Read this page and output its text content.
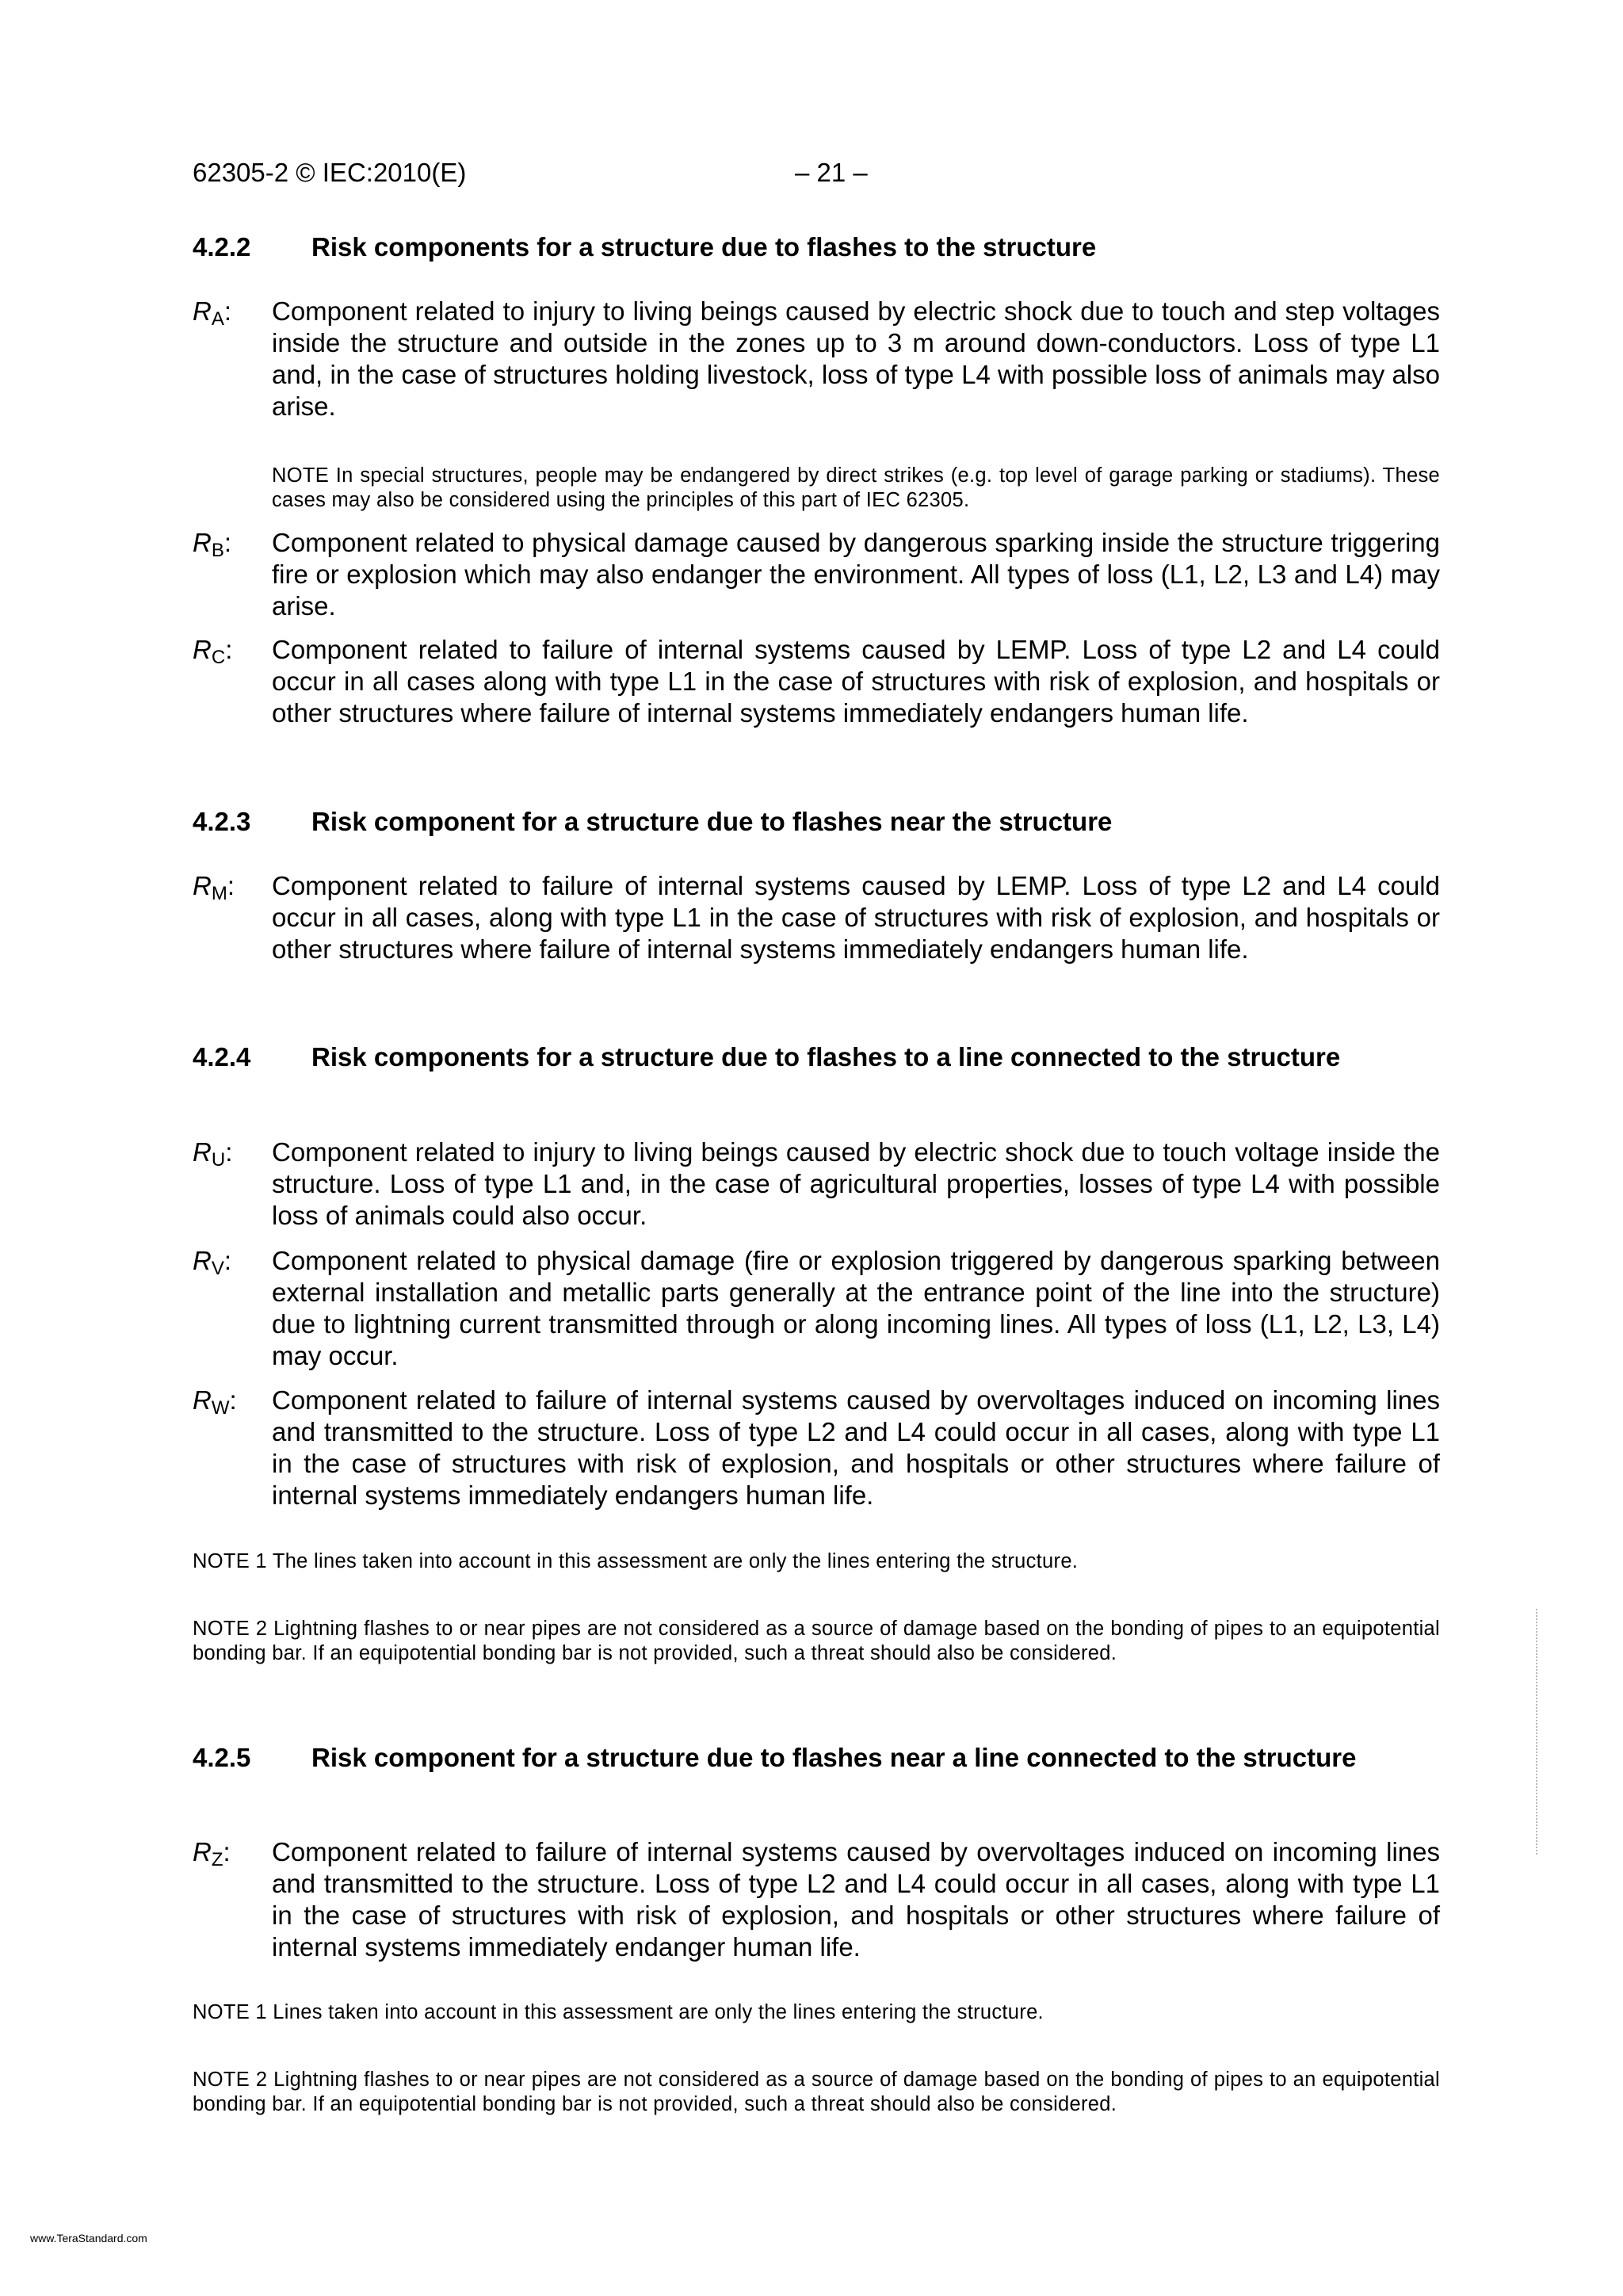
62305-2 © IEC:2010(E)	– 21 –
4.2.2 Risk components for a structure due to flashes to the structure
$R_A$: Component related to injury to living beings caused by electric shock due to touch and step voltages inside the structure and outside in the zones up to 3 m around down-conductors. Loss of type L1 and, in the case of structures holding livestock, loss of type L4 with possible loss of animals may also arise.
NOTE In special structures, people may be endangered by direct strikes (e.g. top level of garage parking or stadiums). These cases may also be considered using the principles of this part of IEC 62305.
$R_B$: Component related to physical damage caused by dangerous sparking inside the structure triggering fire or explosion which may also endanger the environment. All types of loss (L1, L2, L3 and L4) may arise.
$R_C$: Component related to failure of internal systems caused by LEMP. Loss of type L2 and L4 could occur in all cases along with type L1 in the case of structures with risk of explosion, and hospitals or other structures where failure of internal systems immediately endangers human life.
4.2.3 Risk component for a structure due to flashes near the structure
$R_M$: Component related to failure of internal systems caused by LEMP. Loss of type L2 and L4 could occur in all cases, along with type L1 in the case of structures with risk of explosion, and hospitals or other structures where failure of internal systems immediately endangers human life.
4.2.4 Risk components for a structure due to flashes to a line connected to the structure
$R_U$: Component related to injury to living beings caused by electric shock due to touch voltage inside the structure. Loss of type L1 and, in the case of agricultural properties, losses of type L4 with possible loss of animals could also occur.
$R_V$: Component related to physical damage (fire or explosion triggered by dangerous sparking between external installation and metallic parts generally at the entrance point of the line into the structure) due to lightning current transmitted through or along incoming lines. All types of loss (L1, L2, L3, L4) may occur.
$R_W$: Component related to failure of internal systems caused by overvoltages induced on incoming lines and transmitted to the structure. Loss of type L2 and L4 could occur in all cases, along with type L1 in the case of structures with risk of explosion, and hospitals or other structures where failure of internal systems immediately endangers human life.
NOTE 1 The lines taken into account in this assessment are only the lines entering the structure.
NOTE 2 Lightning flashes to or near pipes are not considered as a source of damage based on the bonding of pipes to an equipotential bonding bar. If an equipotential bonding bar is not provided, such a threat should also be considered.
4.2.5 Risk component for a structure due to flashes near a line connected to the structure
$R_Z$: Component related to failure of internal systems caused by overvoltages induced on incoming lines and transmitted to the structure. Loss of type L2 and L4 could occur in all cases, along with type L1 in the case of structures with risk of explosion, and hospitals or other structures where failure of internal systems immediately endanger human life.
NOTE 1 Lines taken into account in this assessment are only the lines entering the structure.
NOTE 2 Lightning flashes to or near pipes are not considered as a source of damage based on the bonding of pipes to an equipotential bonding bar. If an equipotential bonding bar is not provided, such a threat should also be considered.
www.TeraStandard.com
